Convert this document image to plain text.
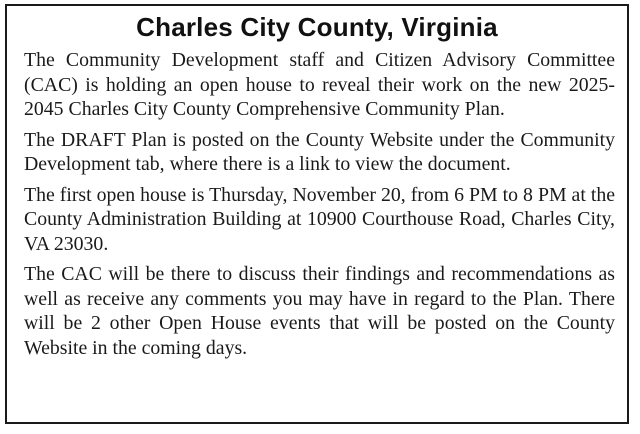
Charles City County, Virginia

The Community Development staff and Citizen Advisory Committee (CAC) is holding an open house to reveal their work on the new 2025-2045 Charles City County Comprehensive Community Plan.

The DRAFT Plan is posted on the County Website under the Community Development tab, where there is a link to view the document.

The first open house is Thursday, November 20, from 6 PM to 8 PM at the County Administration Building at 10900 Courthouse Road, Charles City, VA 23030.

The CAC will be there to discuss their findings and recommendations as well as receive any comments you may have in regard to the Plan. There will be 2 other Open House events that will be posted on the County Website in the coming days.
